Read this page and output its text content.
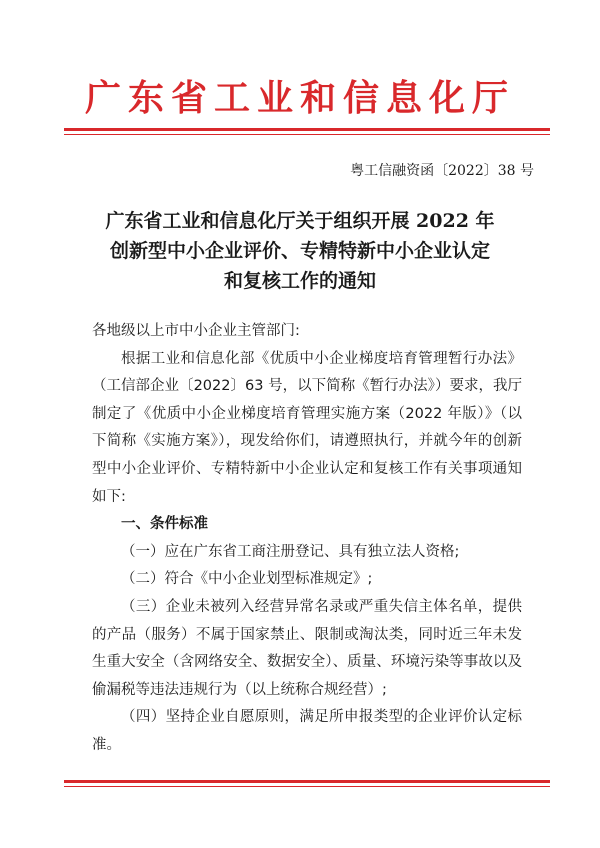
广东省工业和信息化厅
粤工信融资函〔2022〕38 号
广东省工业和信息化厅关于组织开展 2022 年
创新型中小企业评价、专精特新中小企业认定
和复核工作的通知

各地级以上市中小企业主管部门:

根据工业和信息化部《优质中小企业梯度培育管理暂行办法》（工信部企业〔2022〕63 号，以下简称《暂行办法》）要求，我厅制定了《优质中小企业梯度培育管理实施方案（2022 年版）》（以下简称《实施方案》），现发给你们，请遵照执行，并就今年的创新型中小企业评价、专精特新中小企业认定和复核工作有关事项通知如下:

一、条件标准

（一）应在广东省工商注册登记、具有独立法人资格;

（二）符合《中小企业划型标准规定》;

（三）企业未被列入经营异常名录或严重失信主体名单，提供的产品（服务）不属于国家禁止、限制或淘汰类，同时近三年未发生重大安全（含网络安全、数据安全）、质量、环境污染等事故以及偷漏税等违法违规行为（以上统称合规经营）;

（四）坚持企业自愿原则，满足所申报类型的企业评价认定标准。
